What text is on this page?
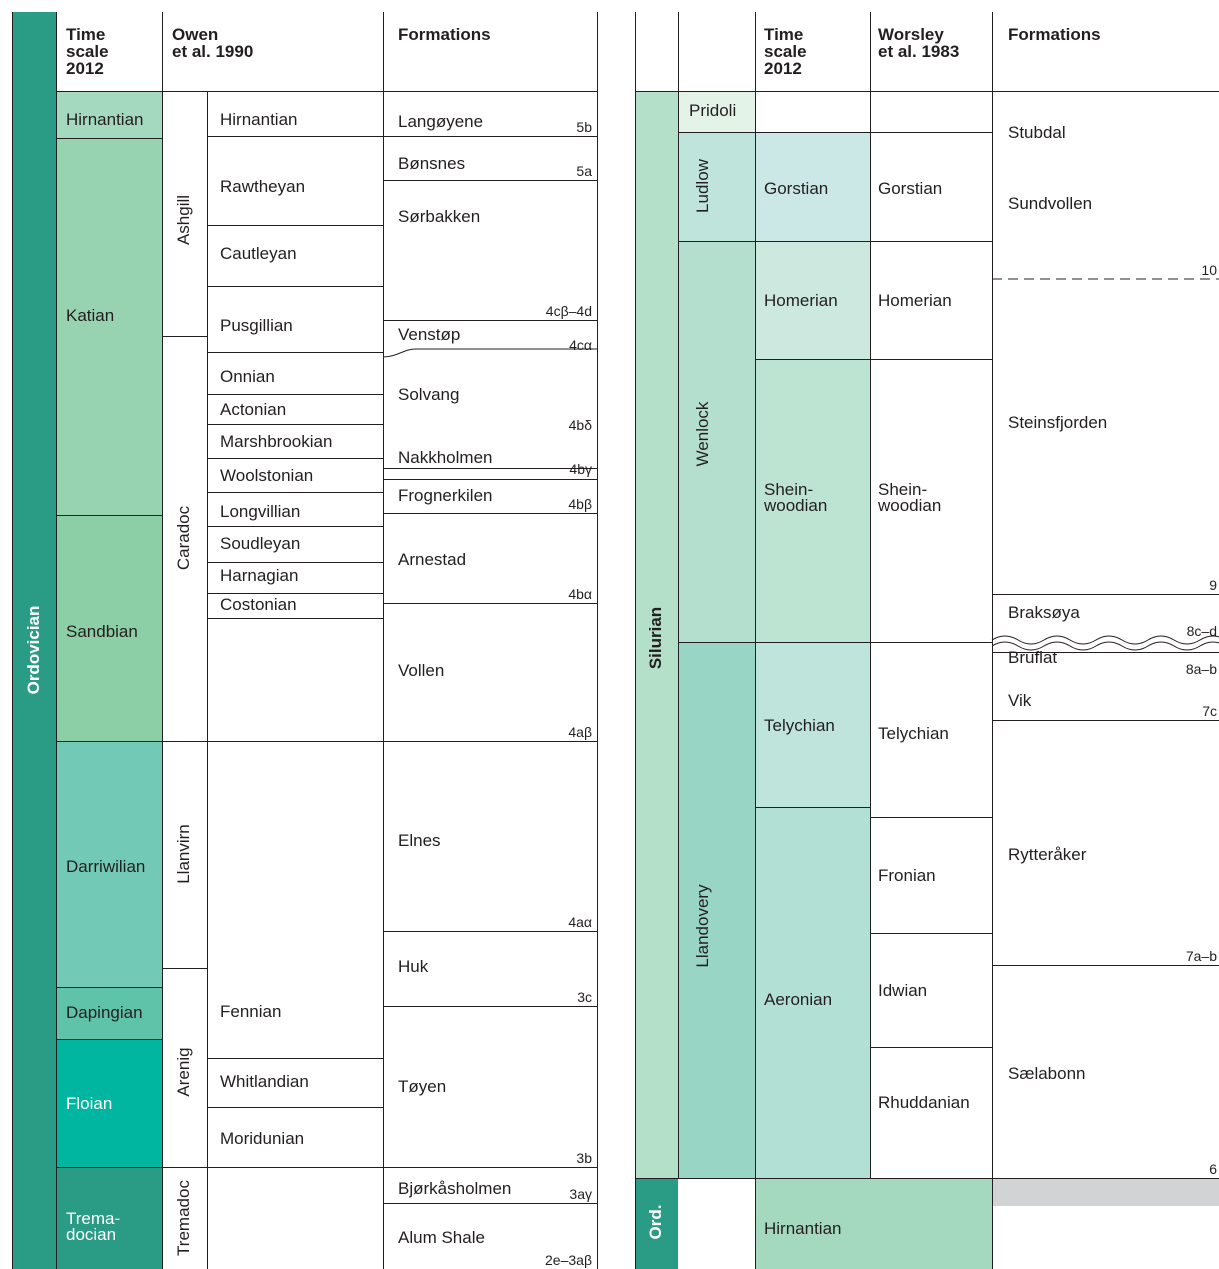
Time
scale
2012
Owen
et al. 1990
Formations
Ordovician
Hirnantian
Katian
Sandbian
Darriwilian
Dapingian
Floian
Trema-
docian
Ashgill
Caradoc
Llanvirn
Arenig
Tremadoc
Hirnantian
Rawtheyan
Cautleyan
Pusgillian
Onnian
Actonian
Marshbrookian
Woolstonian
Longvillian
Soudleyan
Harnagian
Costonian
Fennian
Whitlandian
Moridunian
Langøyene
Bønsnes
Sørbakken
Venstøp
Solvang
Nakkholmen
Frognerkilen
Arnestad
Vollen
Elnes
Huk
Tøyen
Bjørkåsholmen
Alum Shale
5b
5a
4cβ–4d
4cα
4bδ
4bγ
4bβ
4bα
4aβ
4aα
3c
3b
3aγ
2e–3aβ
Time
scale
2012
Worsley
et al. 1983
Formations
Silurian
Ord.
Pridoli
Ludlow
Wenlock
Llandovery
Gorstian
Homerian
Shein-
woodian
Telychian
Aeronian
Hirnantian
Gorstian
Homerian
Shein-
woodian
Telychian
Fronian
Idwian
Rhuddanian
Stubdal
Sundvollen
Steinsfjorden
Braksøya
Bruflat
Vik
Rytteråker
Sælabonn
10
9
8c–d
8a–b
7c
7a–b
6
